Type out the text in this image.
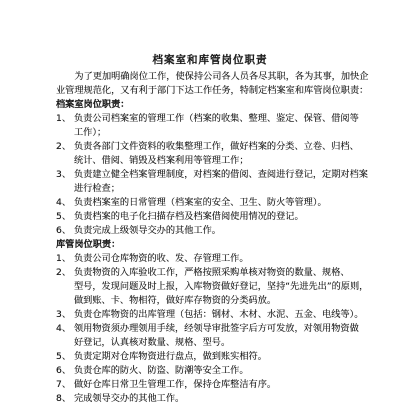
档案室和库管岗位职责
为了更加明确岗位工作，使保持公司各人员各尽其职，各为其事，加快企
业管理规范化，又有利于部门下达工作任务，特制定档案室和库管岗位职责：
档案室岗位职责：
1、 负责公司档案室的管理工作（档案的收集、整理、鉴定、保管、借阅等
工作）；
2、 负责各部门文件资料的收集整理工作，做好档案的分类、立卷、归档、
统计、借阅、销毁及档案利用等管理工作；
3、 负责建立健全档案管理制度，对档案的借阅、查阅进行登记，定期对档案
进行检查；
4、 负责档案室的日常管理（档案室的安全、卫生、防火等管理）。
5、 负责档案的电子化扫描存档及档案借阅使用情况的登记。
6、 负责完成上级领导交办的其他工作。
库管岗位职责：
1、 负责公司仓库物资的收、发、存管理工作。
2、 负责物资的入库验收工作，严格按照采购单核对物资的数量、规格、
型号，发现问题及时上报，入库物资做好登记，坚持“先进先出”的原则，
做到账、卡、物相符，做好库存物资的分类码放。
3、 负责仓库物资的出库管理（包括：钢材、木材、水泥、五金、电线等）。
4、 领用物资须办理领用手续，经领导审批签字后方可发放，对领用物资做
好登记，认真核对数量、规格、型号。
5、 负责定期对仓库物资进行盘点，做到账实相符。
6、 负责仓库的防火、防盗、防潮等安全工作。
7、 做好仓库日常卫生管理工作，保持仓库整洁有序。
8、 完成领导交办的其他工作。
